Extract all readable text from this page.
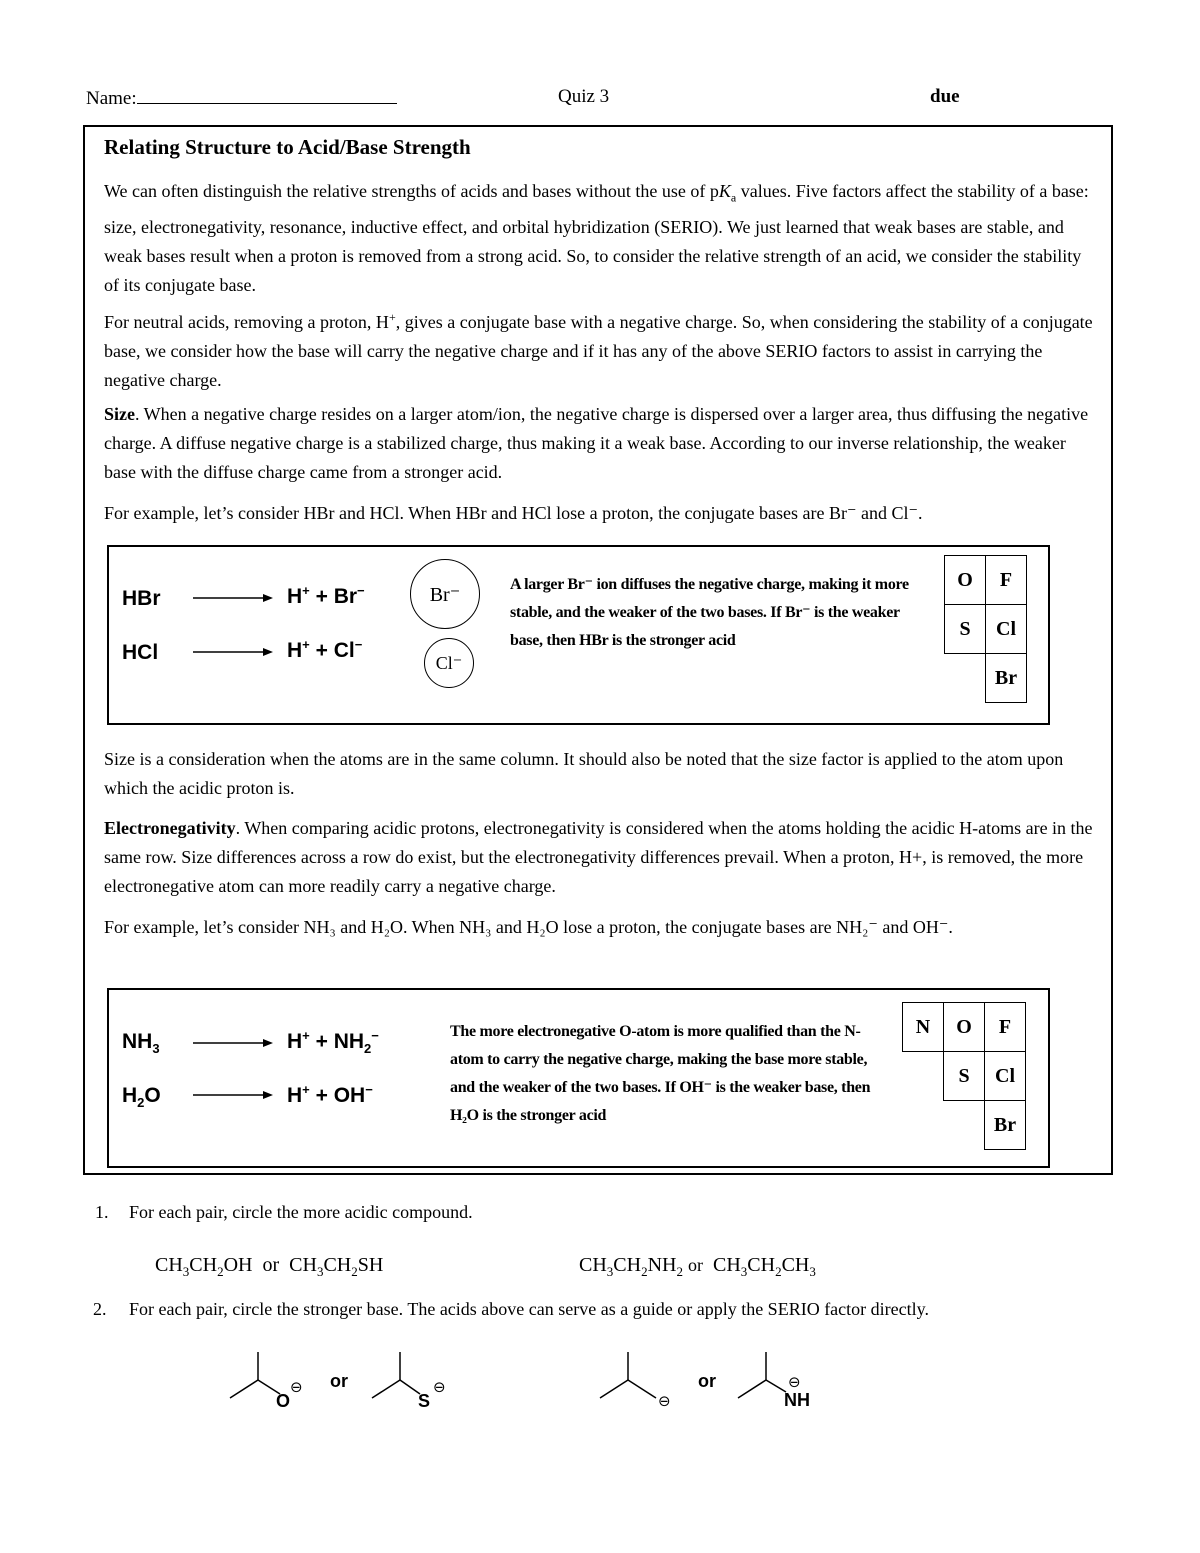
Name:	Quiz 3	due
Relating Structure to Acid/Base Strength

We can often distinguish the relative strengths of acids and bases without the use of $pK_a$ values. Five factors affect the stability of a base: size, electronegativity, resonance, inductive effect, and orbital hybridization (SERIO). We just learned that weak bases are stable, and weak bases result when a proton is removed from a strong acid. So, to consider the relative strength of an acid, we consider the stability of its conjugate base.

For neutral acids, removing a proton, H+, gives a conjugate base with a negative charge. So, when considering the stability of a conjugate base, we consider how the base will carry the negative charge and if it has any of the above SERIO factors to assist in carrying the negative charge.

Size. When a negative charge resides on a larger atom/ion, the negative charge is dispersed over a larger area, thus diffusing the negative charge. A diffuse negative charge is a stabilized charge, thus making it a weak base. According to our inverse relationship, the weaker base with the diffuse charge came from a stronger acid.

For example, let’s consider HBr and HCl. When HBr and HCl lose a proton, the conjugate bases are Br⁻ and Cl⁻.
HBr	H+ + Br−
HCl	H+ + Cl−
Br⁻
Cl⁻
A larger Br⁻ ion diffuses the negative charge, making it more stable, and the weaker of the two bases. If Br⁻ is the weaker base, then HBr is the stronger acid
O	F
S	Cl
	Br
Size is a consideration when the atoms are in the same column. It should also be noted that the size factor is applied to the atom upon which the acidic proton is.

Electronegativity. When comparing acidic protons, electronegativity is considered when the atoms holding the acidic H-atoms are in the same row. Size differences across a row do exist, but the electronegativity differences prevail. When a proton, H+, is removed, the more electronegative atom can more readily carry a negative charge.

For example, let’s consider NH₃ and H₂O. When NH₃ and H₂O lose a proton, the conjugate bases are NH₂⁻ and OH⁻.
$NH_3$	$H^+ + NH_2^-$
$H_2O$	H+ + OH−
The more electronegative O-atom is more qualified than the N-atom to carry the negative charge, making the base more stable, and the weaker of the two bases. If OH⁻ is the weaker base, then H₂O is the stronger acid
N	O	F
	S	Cl
		Br
1. For each pair, circle the more acidic compound.
$CH_3CH_2OH$ or $CH_3CH_2SH$	$CH_3CH_2NH_2$ or $CH_3CH_2CH_3$
2. For each pair, circle the stronger base. The acids above can serve as a guide or apply the SERIO factor directly.
O
⊖ or
S
⊖
⊖
or
NH
⊖
